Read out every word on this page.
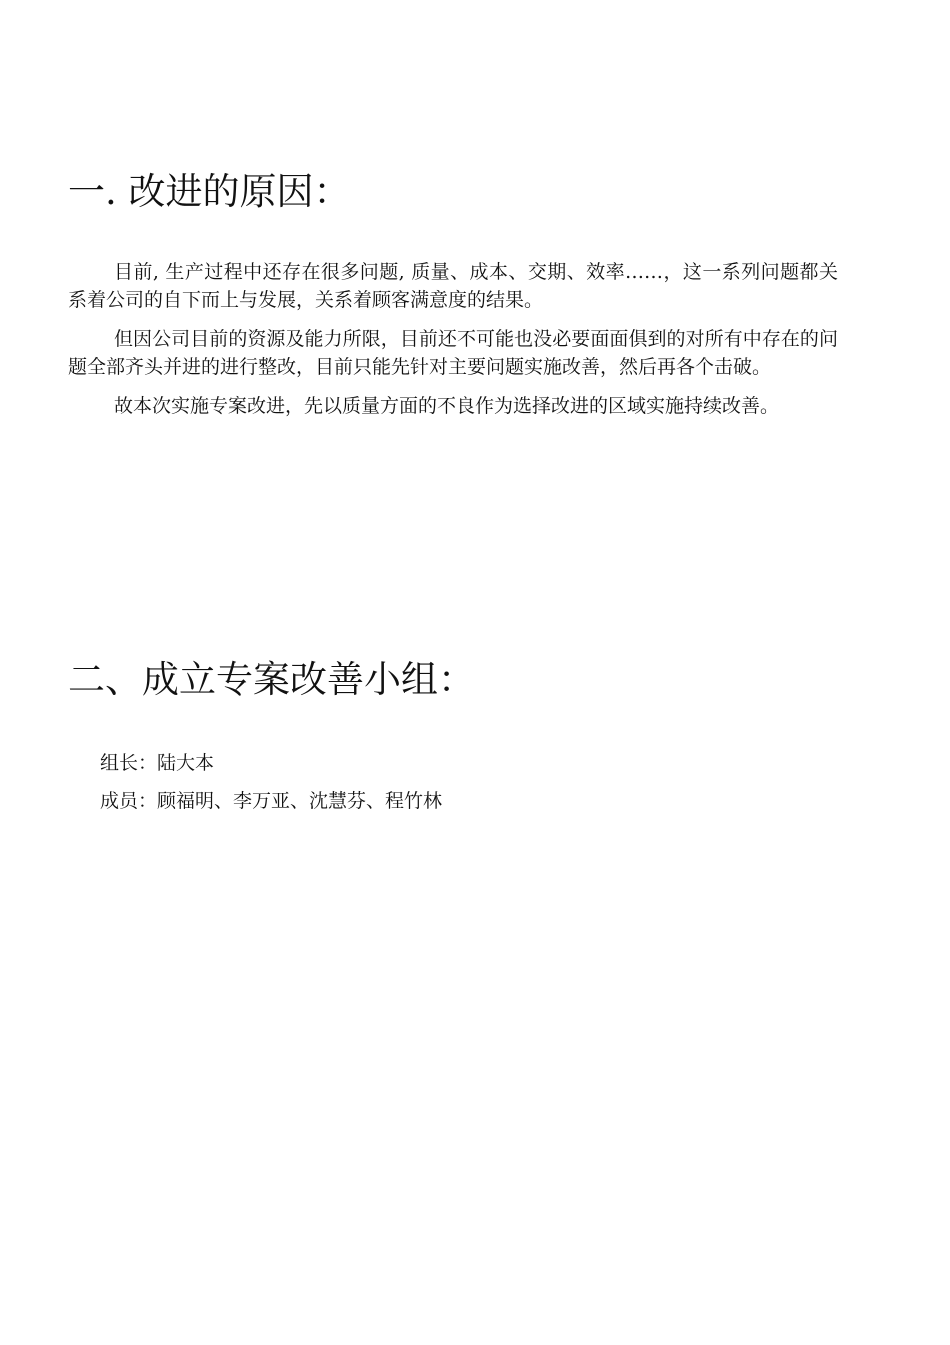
一. 改进的原因：

目前, 生产过程中还存在很多问题, 质量、成本、交期、效率……，这一系列问题都关系着公司的自下而上与发展，关系着顾客满意度的结果。

但因公司目前的资源及能力所限，目前还不可能也没必要面面俱到的对所有中存在的问题全部齐头并进的进行整改，目前只能先针对主要问题实施改善，然后再各个击破。

故本次实施专案改进，先以质量方面的不良作为选择改进的区域实施持续改善。

二、成立专案改善小组：

组长：陆大本

成员：顾福明、李万亚、沈慧芬、程竹林
